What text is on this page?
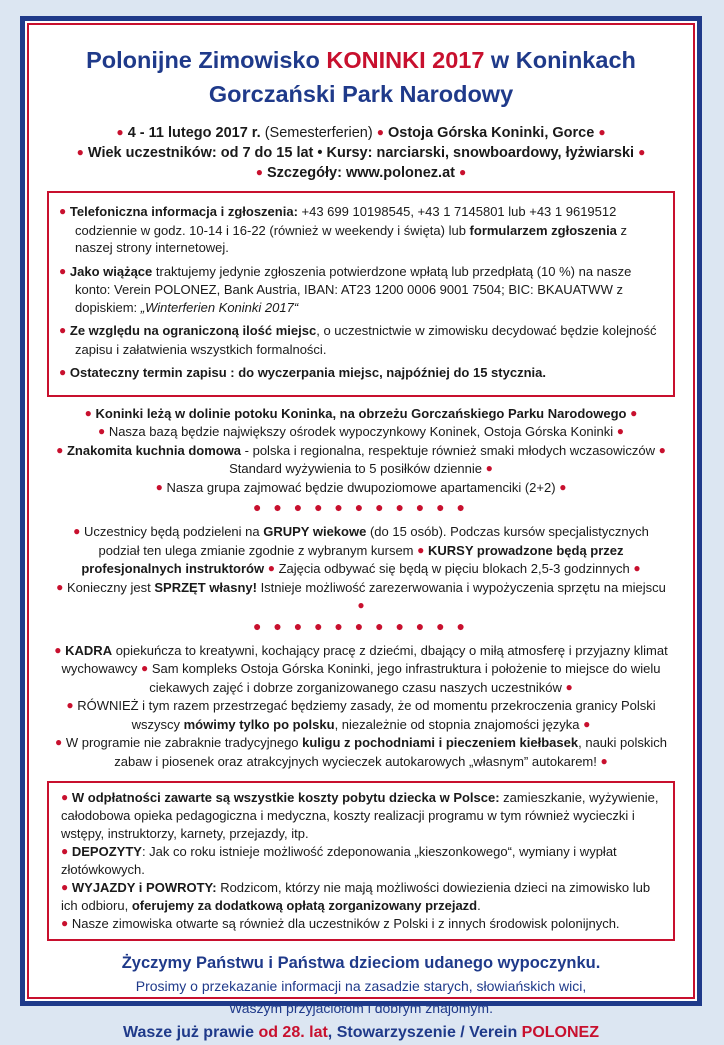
Polonijne Zimowisko KONINKI 2017 w Koninkach
Gorczański Park Narodowy
● 4 - 11 lutego 2017 r. (Semesterferien) ● Ostoja Górska Koninki, Gorce ●
● Wiek uczestników: od 7 do 15 lat • Kursy: narciarski, snowboardowy, łyżwiarski ●
● Szczegóły: www.polonez.at ●
● Telefoniczna informacja i zgłoszenia: +43 699 10198545, +43 1 7145801 lub +43 1 9619512 codziennie w godz. 10-14 i 16-22 (również w weekendy i święta) lub formularzem zgłoszenia z naszej strony internetowej.
● Jako wiążące traktujemy jedynie zgłoszenia potwierdzone wpłatą lub przedpłatą (10 %) na nasze konto: Verein POLONEZ, Bank Austria, IBAN: AT23 1200 0006 9001 7504; BIC: BKAUATWW z dopiskiem: „Winterferien Koninki 2017“
● Ze względu na ograniczoną ilość miejsc, o uczestnictwie w zimowisku decydować będzie kolejność zapisu i załatwienia wszystkich formalności.
● Ostateczny termin zapisu : do wyczerpania miejsc, najpóźniej do 15 stycznia.
● Koninki leżą w dolinie potoku Koninka, na obrzeżu Gorczańskiego Parku Narodowego ●
● Nasza bazą będzie największy ośrodek wypoczynkowy Koninek, Ostoja Górska Koninki ●
● Znakomita kuchnia domowa - polska i regionalna, respektuje również smaki młodych wczasowiczów ● Standard wyżywienia to 5 posiłków dziennie ●
● Nasza grupa zajmować będzie dwupoziomowe apartamenciki (2+2) ●
● ● ● ● ● ● ● ● ● ● ●
● Uczestnicy będą podzieleni na GRUPY wiekowe (do 15 osób). Podczas kursów specjalistycznych podział ten ulega zmianie zgodnie z wybranym kursem ● KURSY prowadzone będą przez profesjonalnych instruktorów ● Zajęcia odbywać się będą w pięciu blokach 2,5-3 godzinnych ●
● Konieczny jest SPRZĘT własny! Istnieje możliwość zarezerwowania i wypożyczenia sprzętu na miejscu ●
● ● ● ● ● ● ● ● ● ● ●
● KADRA opiekuńcza to kreatywni, kochający pracę z dziećmi, dbający o miłą atmosferę i przyjazny klimat wychowawcy ● Sam kompleks Ostoja Górska Koninki, jego infrastruktura i położenie to miejsce do wielu ciekawych zajęć i dobrze zorganizowanego czasu naszych uczestników ●
● RÓWNIEŻ i tym razem przestrzegać będziemy zasady, że od momentu przekroczenia granicy Polski wszyscy mówimy tylko po polsku, niezależnie od stopnia znajomości języka ●
● W programie nie zabraknie tradycyjnego kuligu z pochodniami i pieczeniem kiełbasek, nauki polskich zabaw i piosenek oraz atrakcyjnych wycieczek autokarowych „własnym” autokarem! ●

● W odpłatności zawarte są wszystkie koszty pobytu dziecka w Polsce: zamieszkanie, wyżywienie, całodobowa opieka pedagogiczna i medyczna, koszty realizacji programu w tym również wycieczki i wstępy, instruktorzy, karnety, przejazdy, itp.

● DEPOZYTY: Jak co roku istnieje możliwość zdeponowania „kieszonkowego“, wymiany i wypłat złotówkowych.

● WYJAZDY i POWROTY: Rodzicom, którzy nie mają możliwości dowiezienia dzieci na zimowisko lub ich odbioru, oferujemy za dodatkową opłatą zorganizowany przejazd.

● Nasze zimowiska otwarte są również dla uczestników z Polski i z innych środowisk polonijnych.

Życzymy Państwu i Państwa dzieciom udanego wypoczynku.
Prosimy o przekazanie informacji na zasadzie starych, słowiańskich wici,
Waszym przyjaciołom i dobrym znajomym.
Wasze już prawie od 28. lat, Stowarzyszenie / Verein POLONEZ
